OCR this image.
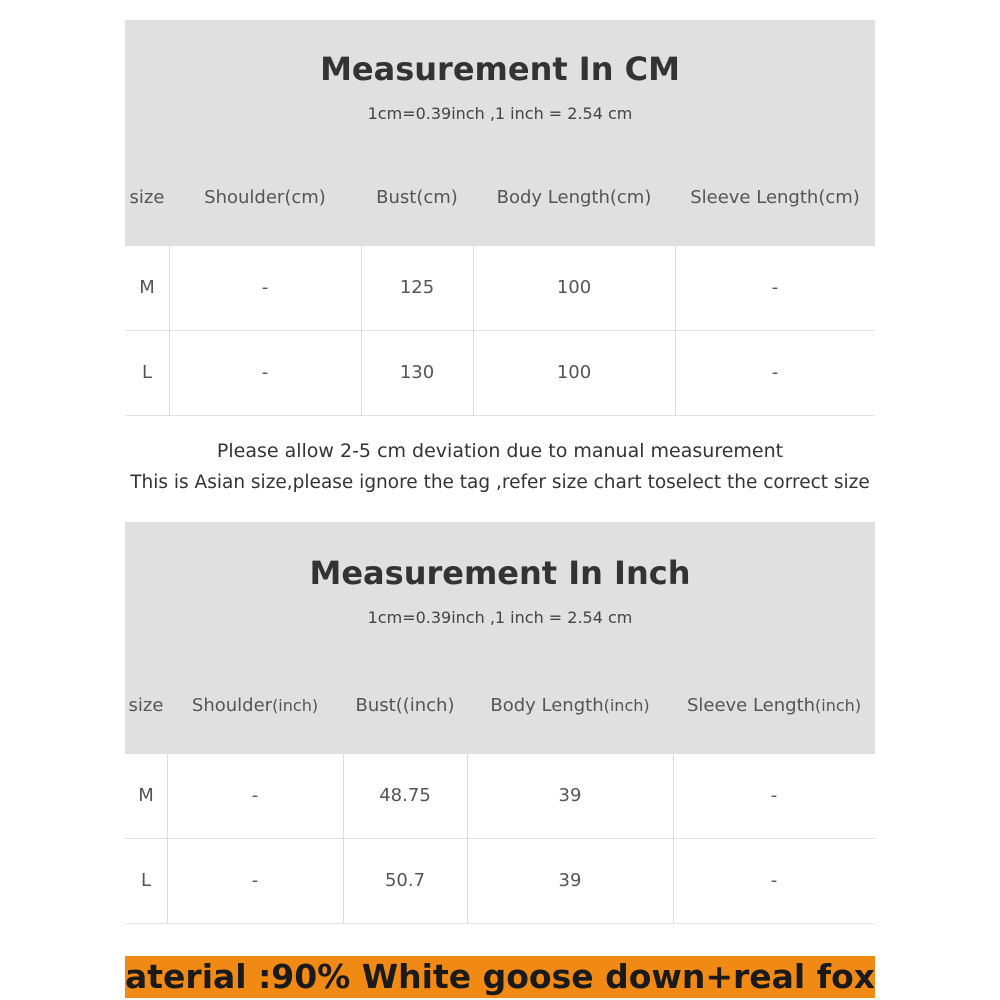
Measurement In CM
1cm=0.39inch ,1 inch = 2.54 cm
size	Shoulder(cm)	Bust(cm)	Body Length(cm)	Sleeve Length(cm)
M	-	125	100	-
L	-	130	100	-
Measurement In Inch
1cm=0.39inch ,1 inch = 2.54 cm
size	Shoulder(inch)	Bust((inch)	Body Length(inch)	Sleeve Length(inch)
M	-	48.75	39	-
L	-	50.7	39	-
Please allow 2-5 cm deviation due to manual measurement
This is Asian size,please ignore the tag ,refer size chart toselect the correct size
aterial :90% White goose down+real fox
